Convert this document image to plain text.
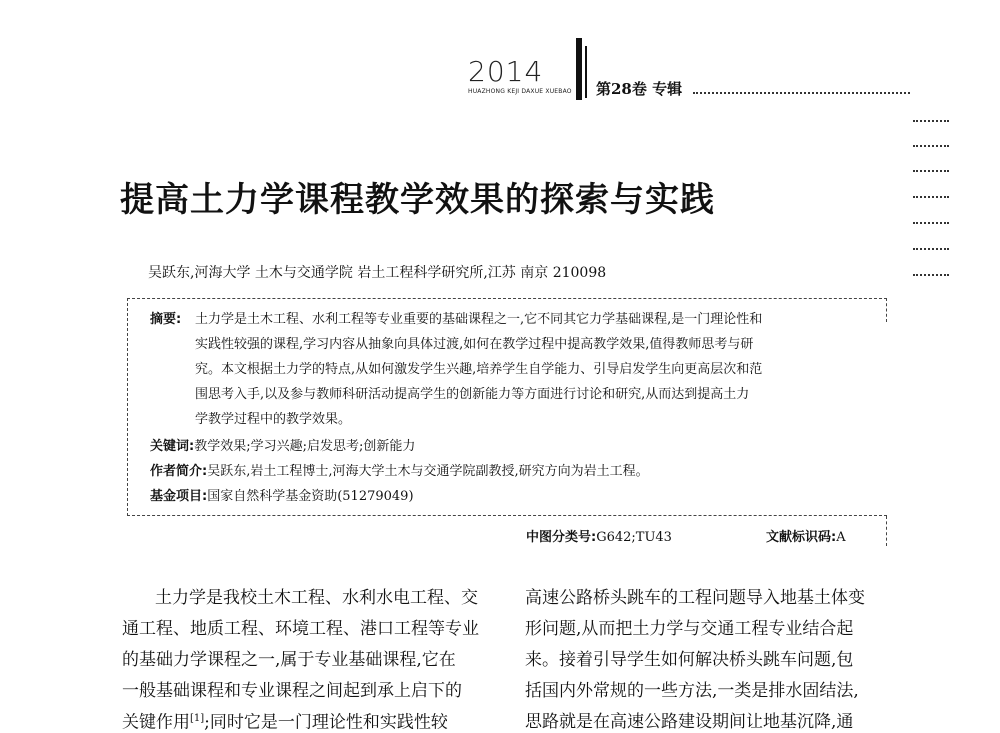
2014
HUAZHONG KEJI DAXUE XUEBAO 第28卷 专辑
提高土力学课程教学效果的探索与实践
吴跃东,河海大学 土木与交通学院 岩土工程科学研究所,江苏 南京 210098
摘要: 土力学是土木工程、水利工程等专业重要的基础课程之一,它不同其它力学基础课程,是一门理论性和
实践性较强的课程,学习内容从抽象向具体过渡,如何在教学过程中提高教学效果,值得教师思考与研
究。本文根据土力学的特点,从如何激发学生兴趣,培养学生自学能力、引导启发学生向更高层次和范
围思考入手,以及参与教师科研活动提高学生的创新能力等方面进行讨论和研究,从而达到提高土力
学教学过程中的教学效果。
关键词:教学效果;学习兴趣;启发思考;创新能力
作者简介:吴跃东,岩土工程博士,河海大学土木与交通学院副教授,研究方向为岩土工程。
基金项目:国家自然科学基金资助(51279049)
中图分类号:G642;TU43	文献标识码:A
土力学是我校土木工程、水利水电工程、交
通工程、地质工程、环境工程、港口工程等专业
的基础力学课程之一,属于专业基础课程,它在
一般基础课程和专业课程之间起到承上启下的
关键作用[1];同时它是一门理论性和实践性较
高速公路桥头跳车的工程问题导入地基土体变
形问题,从而把土力学与交通工程专业结合起
来。接着引导学生如何解决桥头跳车问题,包
括国内外常规的一些方法,一类是排水固结法,
思路就是在高速公路建设期间让地基沉降,通
